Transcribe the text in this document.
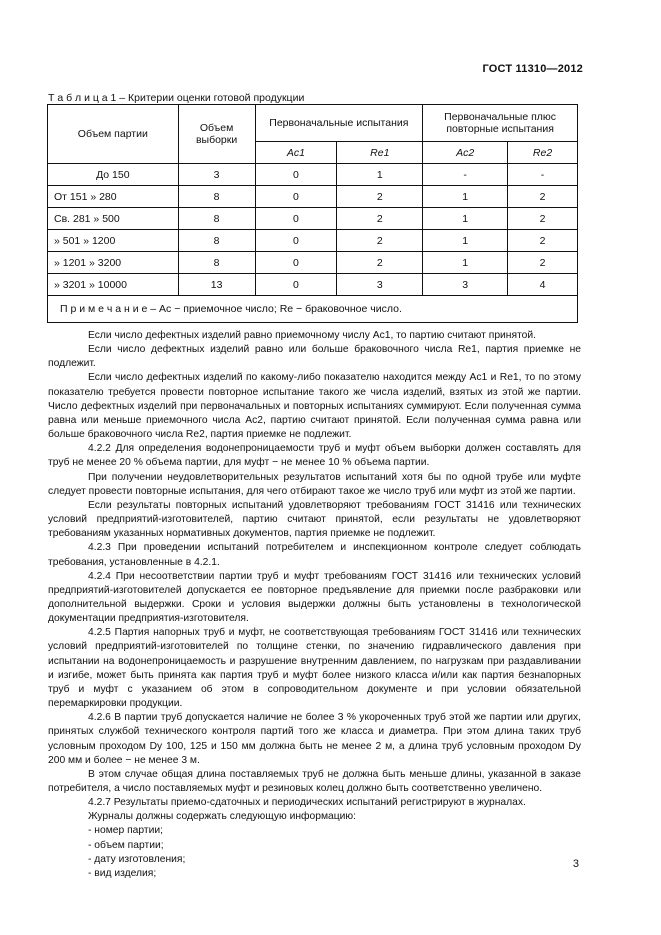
ГОСТ 11310—2012
Т а б л и ц а 1 – Критерии оценки готовой продукции
Объем партии	Объем выборки	Первоначальные испытания		Первоначальные плюс повторные испытания	
		Ac1	Re1	Ac2	Re2
До 150	3	0	1	-	-
От 151 » 280	8	0	2	1	2
Св. 281 » 500	8	0	2	1	2
» 501 » 1200	8	0	2	1	2
» 1201 » 3200	8	0	2	1	2
» 3201 » 10000	13	0	3	3	4
П р и м е ч а н и е – Ac − приемочное число; Re − браковочное число.					

Если число дефектных изделий равно приемочному числу Ac1, то партию считают принятой.

Если число дефектных изделий равно или больше браковочного числа Re1, партия приемке не подлежит.

Если число дефектных изделий по какому-либо показателю находится между Ac1 и Re1, то по этому показателю требуется провести повторное испытание такого же числа изделий, взятых из этой же партии. Число дефектных изделий при первоначальных и повторных испытаниях суммируют. Если полученная сумма равна или меньше приемочного числа Ac2, партию считают принятой. Если полученная сумма равна или больше браковочного числа Re2, партия приемке не подлежит.

4.2.2 Для определения водонепроницаемости труб и муфт объем выборки должен составлять для труб не менее 20 % объема партии, для муфт − не менее 10 % объема партии.

При получении неудовлетворительных результатов испытаний хотя бы по одной трубе или муфте следует провести повторные испытания, для чего отбирают такое же число труб или муфт из этой же партии.

Если результаты повторных испытаний удовлетворяют требованиям ГОСТ 31416 или технических условий предприятий-изготовителей, партию считают принятой, если результаты не удовлетворяют требованиям указанных нормативных документов, партия приемке не подлежит.

4.2.3 При проведении испытаний потребителем и инспекционном контроле следует соблюдать требования, установленные в 4.2.1.

4.2.4 При несоответствии партии труб и муфт требованиям ГОСТ 31416 или технических условий предприятий-изготовителей допускается ее повторное предъявление для приемки после разбраковки или дополнительной выдержки. Сроки и условия выдержки должны быть установлены в технологической документации предприятия-изготовителя.

4.2.5 Партия напорных труб и муфт, не соответствующая требованиям ГОСТ 31416 или технических условий предприятий-изготовителей по толщине стенки, по значению гидравлического давления при испытании на водонепроницаемость и разрушение внутренним давлением, по нагрузкам при раздавливании и изгибе, может быть принята как партия труб и муфт более низкого класса и/или как партия безнапорных труб и муфт с указанием об этом в сопроводительном документе и при условии обязательной перемаркировки продукции.

4.2.6 В партии труб допускается наличие не более 3 % укороченных труб этой же партии или других, принятых службой технического контроля партий того же класса и диаметра. При этом длина таких труб условным проходом Dу 100, 125 и 150 мм должна быть не менее 2 м, а длина труб условным проходом Dу 200 мм и более − не менее 3 м.

В этом случае общая длина поставляемых труб не должна быть меньше длины, указанной в заказе потребителя, а число поставляемых муфт и резиновых колец должно быть соответственно увеличено.

4.2.7 Результаты приемо-сдаточных и периодических испытаний регистрируют в журналах.

Журналы должны содержать следующую информацию:

- номер партии;

- объем партии;

- дату изготовления;

- вид изделия;

3
